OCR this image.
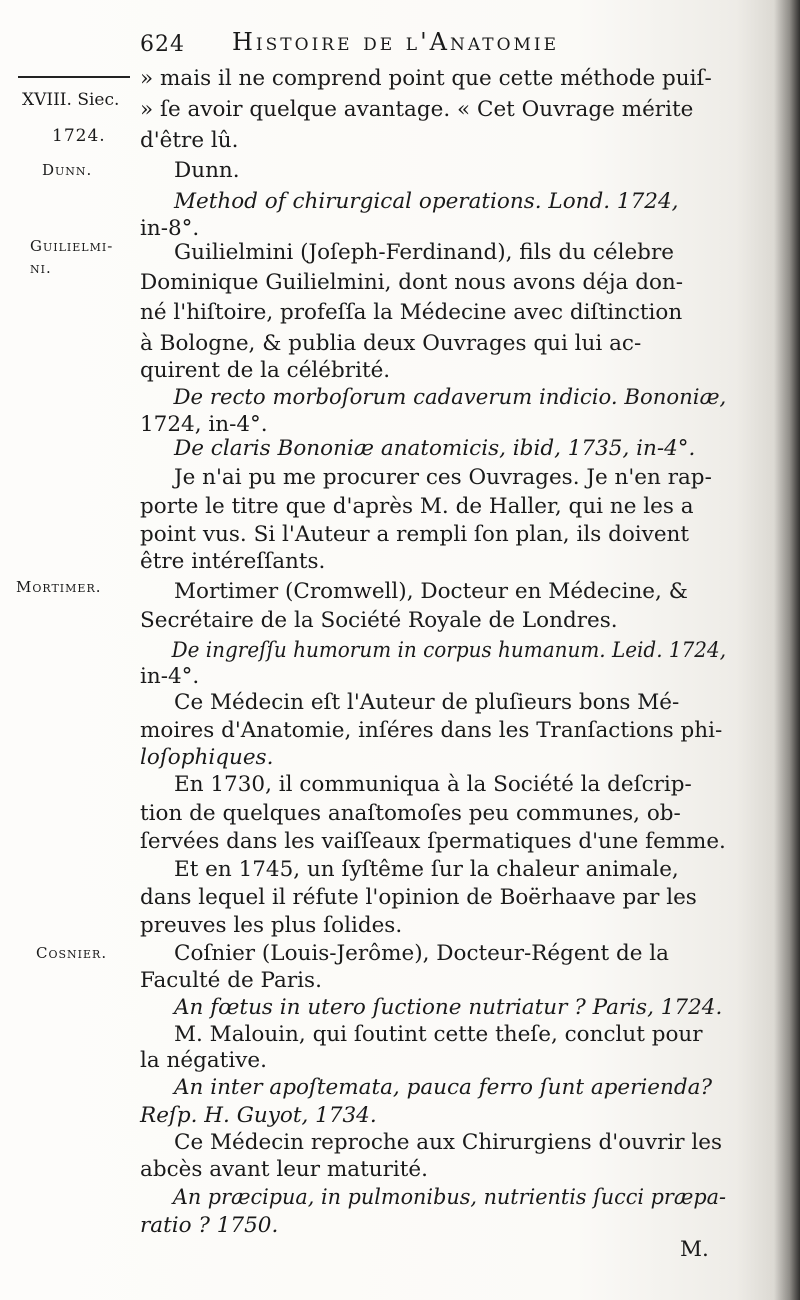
624 Histoire de l'Anatomie
XVIII. Siec.
1724.
Dunn.
Guilielmi-
ni.
Mortimer.
Cosnier.
» mais il ne comprend point que cette méthode puiſ-
» ſe avoir quelque avantage. « Cet Ouvrage mérite
d'être lû.
Dunn.
Method of chirurgical operations. Lond. 1724,
in-8°.
Guilielmini (Joſeph-Ferdinand), fils du célebre
Dominique Guilielmini, dont nous avons déja don-
né l'hiſtoire, profeſſa la Médecine avec diſtinction
à Bologne, & publia deux Ouvrages qui lui ac-
quirent de la célébrité.
De recto morboſorum cadaverum indicio. Bononiæ,
1724, in-4°.
De claris Bononiæ anatomicis, ibid, 1735, in-4°.
Je n'ai pu me procurer ces Ouvrages. Je n'en rap-
porte le titre que d'après M. de Haller, qui ne les a
point vus. Si l'Auteur a rempli ſon plan, ils doivent
être intéreſſants.
Mortimer (Cromwell), Docteur en Médecine, &
Secrétaire de la Société Royale de Londres.
De ingreſſu humorum in corpus humanum. Leid. 1724,
in-4°.
Ce Médecin eſt l'Auteur de pluſieurs bons Mé-
moires d'Anatomie, inſéres dans les Tranſactions phi-
loſophiques.
En 1730, il communiqua à la Société la deſcrip-
tion de quelques anaſtomoſes peu communes, ob-
ſervées dans les vaiſſeaux ſpermatiques d'une femme.
Et en 1745, un ſyſtême ſur la chaleur animale,
dans lequel il réfute l'opinion de Boërhaave par les
preuves les plus ſolides.
Coſnier (Louis-Jerôme), Docteur-Régent de la
Faculté de Paris.
An fœtus in utero ſuctione nutriatur ? Paris, 1724.
M. Malouin, qui ſoutint cette theſe, conclut pour
la négative.
An inter apoſtemata, pauca ferro ſunt aperienda?
Reſp. H. Guyot, 1734.
Ce Médecin reproche aux Chirurgiens d'ouvrir les
abcès avant leur maturité.
An præcipua, in pulmonibus, nutrientis ſucci præpa-
ratio ? 1750.
M.
